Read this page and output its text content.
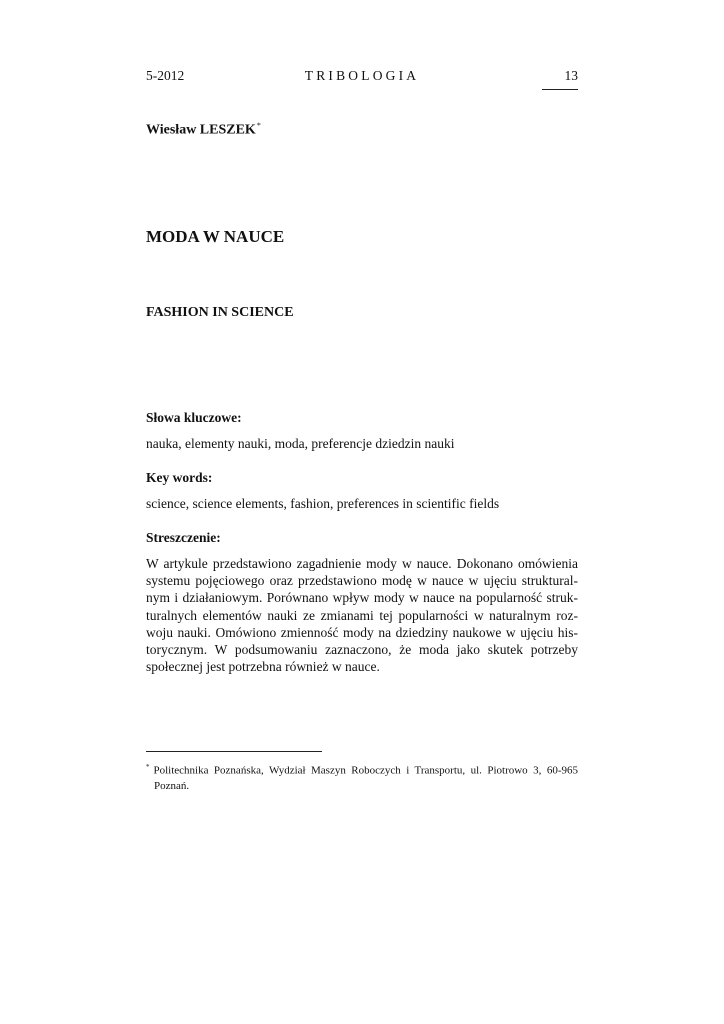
5-2012	TRIBOLOGIA	13
Wiesław LESZEK*
MODA W NAUCE
FASHION IN SCIENCE
Słowa kluczowe:
nauka, elementy nauki, moda, preferencje dziedzin nauki
Key words:
science, science elements, fashion, preferences in scientific fields
Streszczenie:
W artykule przedstawiono zagadnienie mody w nauce. Dokonano omówienia
systemu pojęciowego oraz przedstawiono modę w nauce w ujęciu struktural-
nym i działaniowym. Porównano wpływ mody w nauce na popularność struk-
turalnych elementów nauki ze zmianami tej popularności w naturalnym roz-
woju nauki. Omówiono zmienność mody na dziedziny naukowe w ujęciu his-
torycznym. W podsumowaniu zaznaczono, że moda jako skutek potrzeby
społecznej jest potrzebna również w nauce.
* Politechnika Poznańska, Wydział Maszyn Roboczych i Transportu, ul. Piotrowo 3, 60-965
Poznań.
